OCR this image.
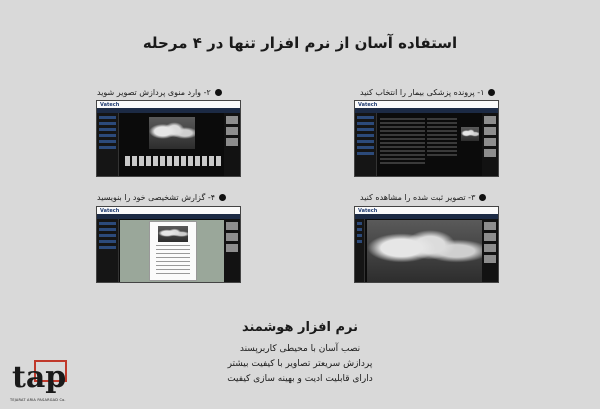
استفاده آسان از نرم افزار تنها در ۴ مرحله
۱- پرونده پزشکی بیمار را انتخاب کنید
Vatech
۲- وارد منوی پردازش تصویر شوید
Vatech
۳- تصویر ثبت شده را مشاهده کنید
Vatech
۴- گزارش تشخیصی خود را بنویسید
Vatech
نرم افزار هوشمند
نصب آسان با محیطی کاربرپسند
پردازش سریعتر تصاویر با کیفیت بیشتر
دارای قابلیت ادیت و بهینه سازی کیفیت
tap
TEJARAT ARIA PASARGAD Co.
